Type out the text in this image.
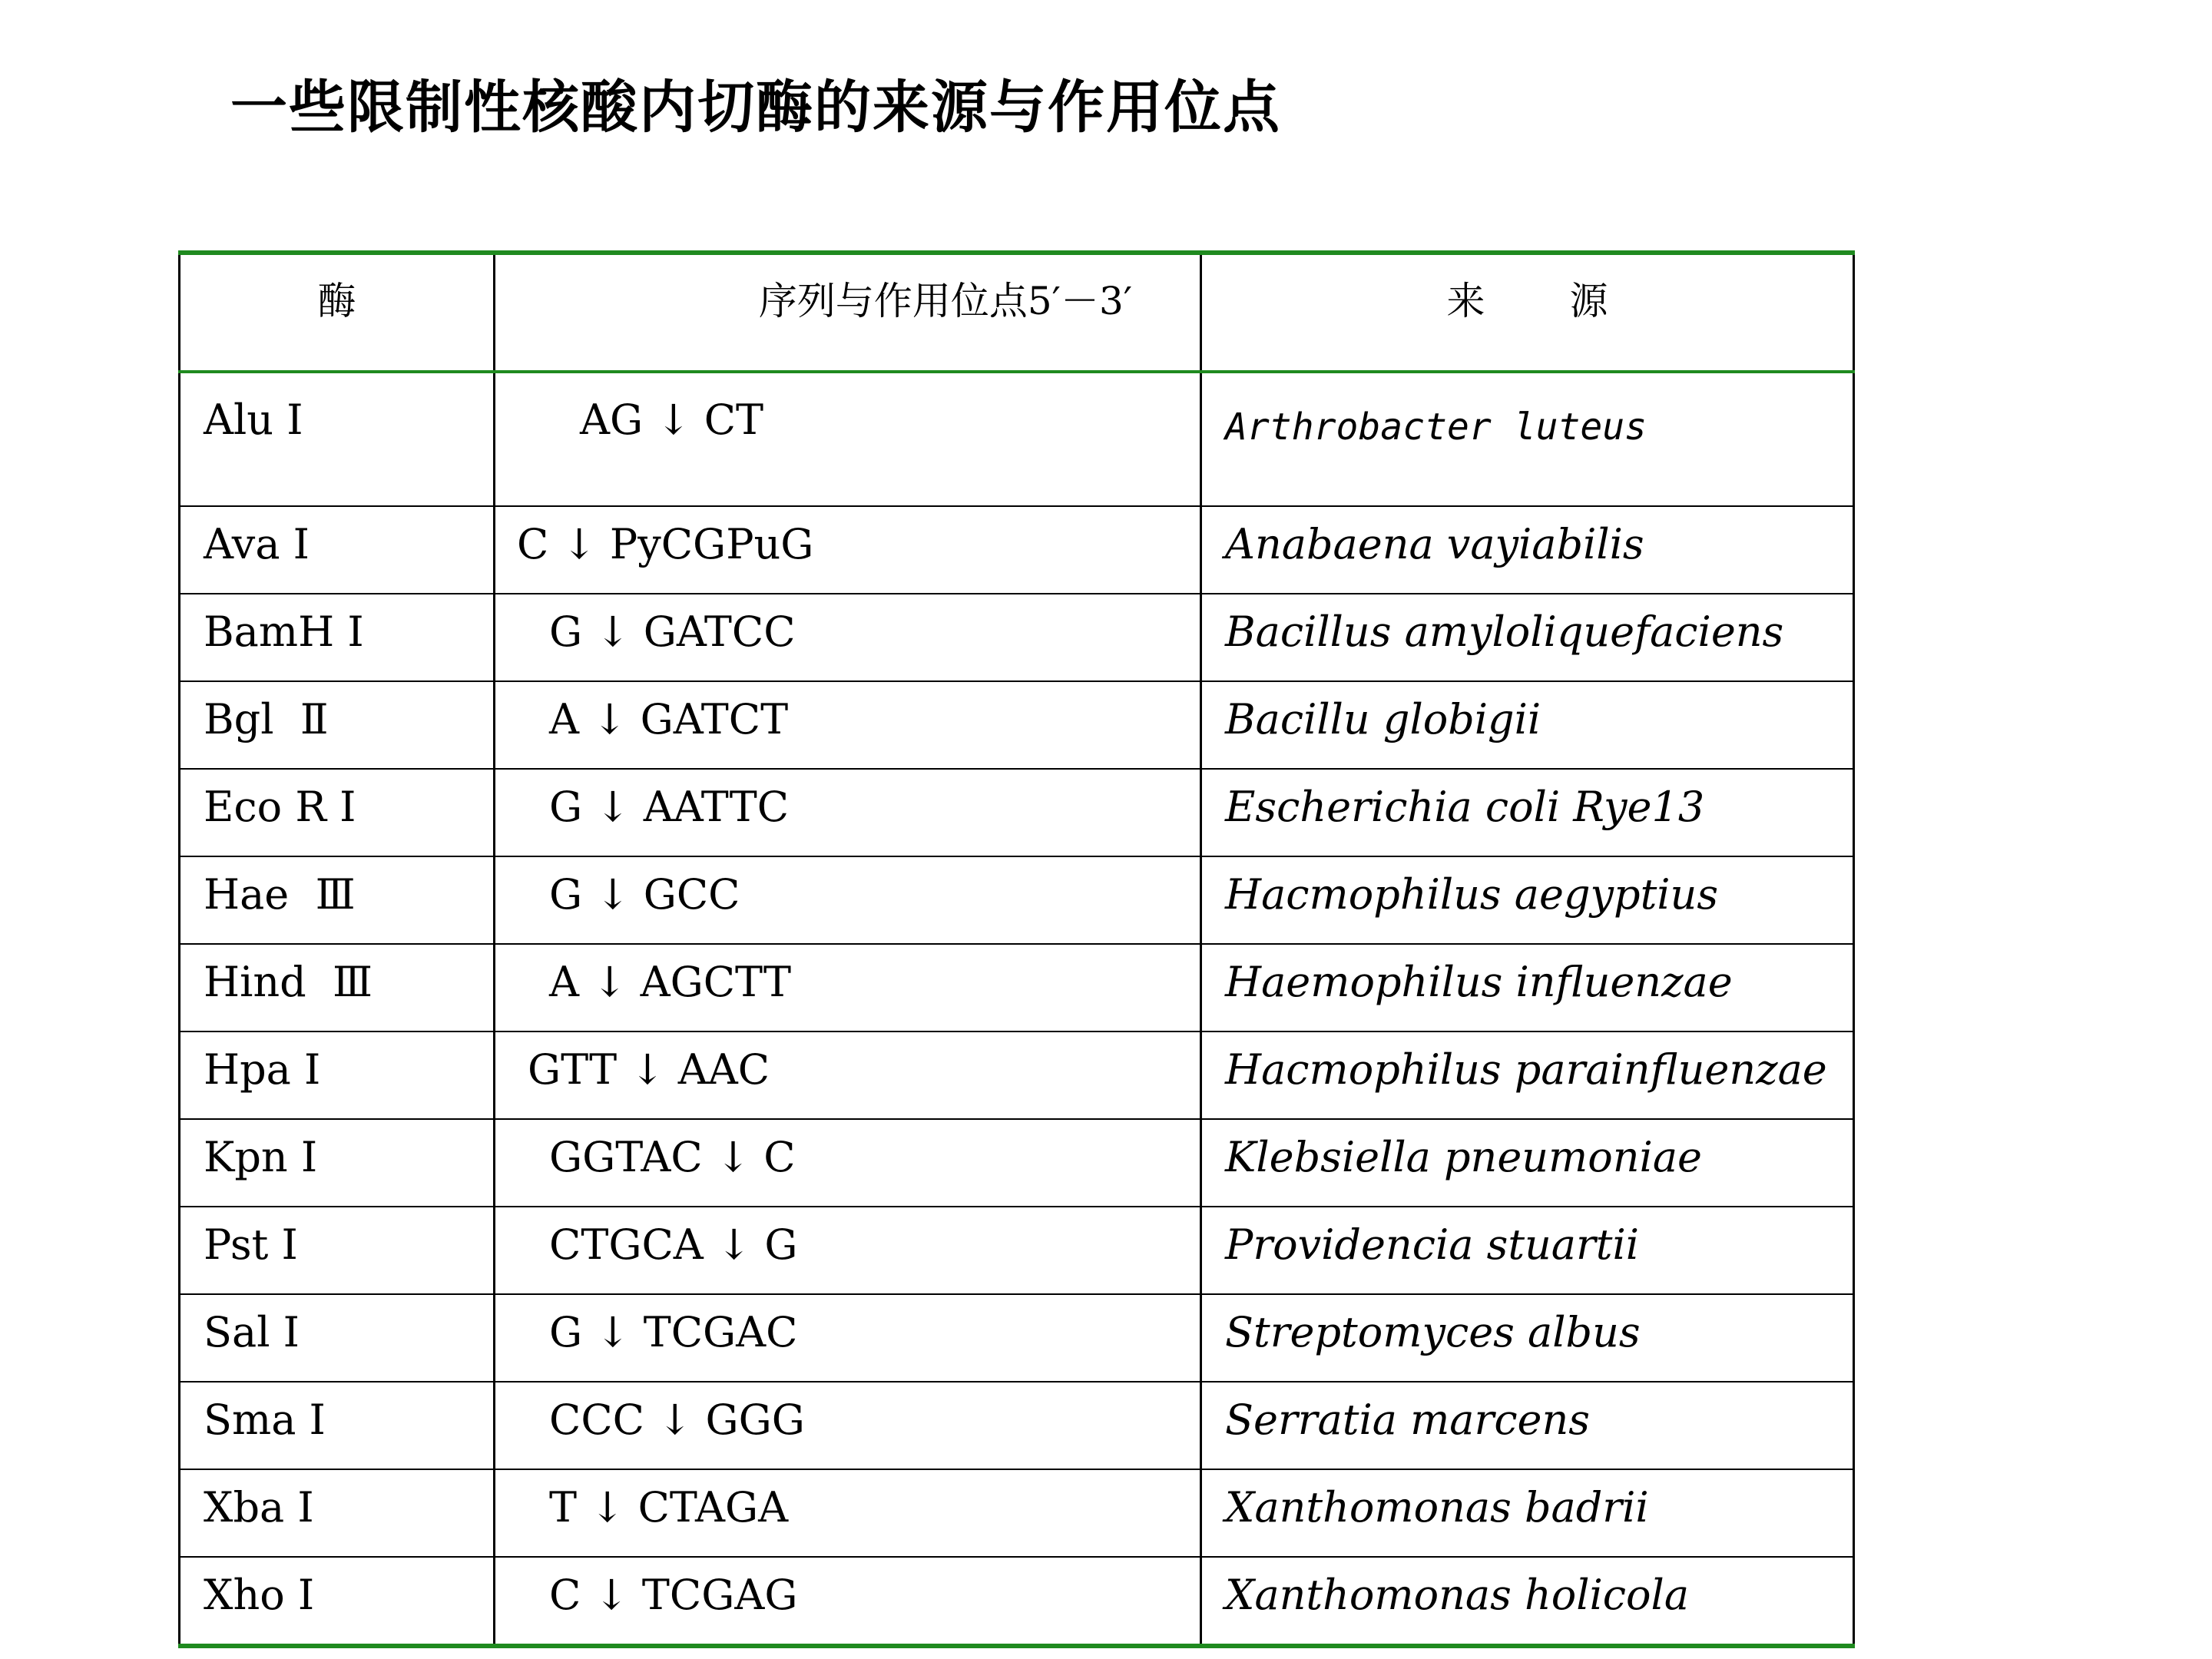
一些限制性核酸内切酶的来源与作用位点
酶	序列与作用位点5′－3′	来 源
Alu Ⅰ	AG ↓ CT	Arthrobacter luteus
Ava Ⅰ	C ↓ PyCGPuG	Anabaena vayiabilis
BamH Ⅰ	G ↓ GATCC	Bacillus amyloliquefaciens
Bgl  Ⅱ	A ↓ GATCT	Bacillu globigii
Eco R Ⅰ	G ↓ AATTC	Escherichia coli Rye13
Hae  Ⅲ	G ↓ GCC	Hacmophilus aegyptius
Hind  Ⅲ	A ↓ AGCTT	Haemophilus influenzae
Hpa Ⅰ	GTT ↓ AAC	Hacmophilus parainfluenzae
Kpn Ⅰ	GGTAC ↓ C	Klebsiella pneumoniae
Pst Ⅰ	CTGCA ↓ G	Providencia stuartii
Sal Ⅰ	G ↓ TCGAC	Streptomyces albus
Sma Ⅰ	CCC ↓ GGG	Serratia marcens
Xba Ⅰ	T ↓ CTAGA	Xanthomonas badrii
Xho Ⅰ	C ↓ TCGAG	Xanthomonas holicola
